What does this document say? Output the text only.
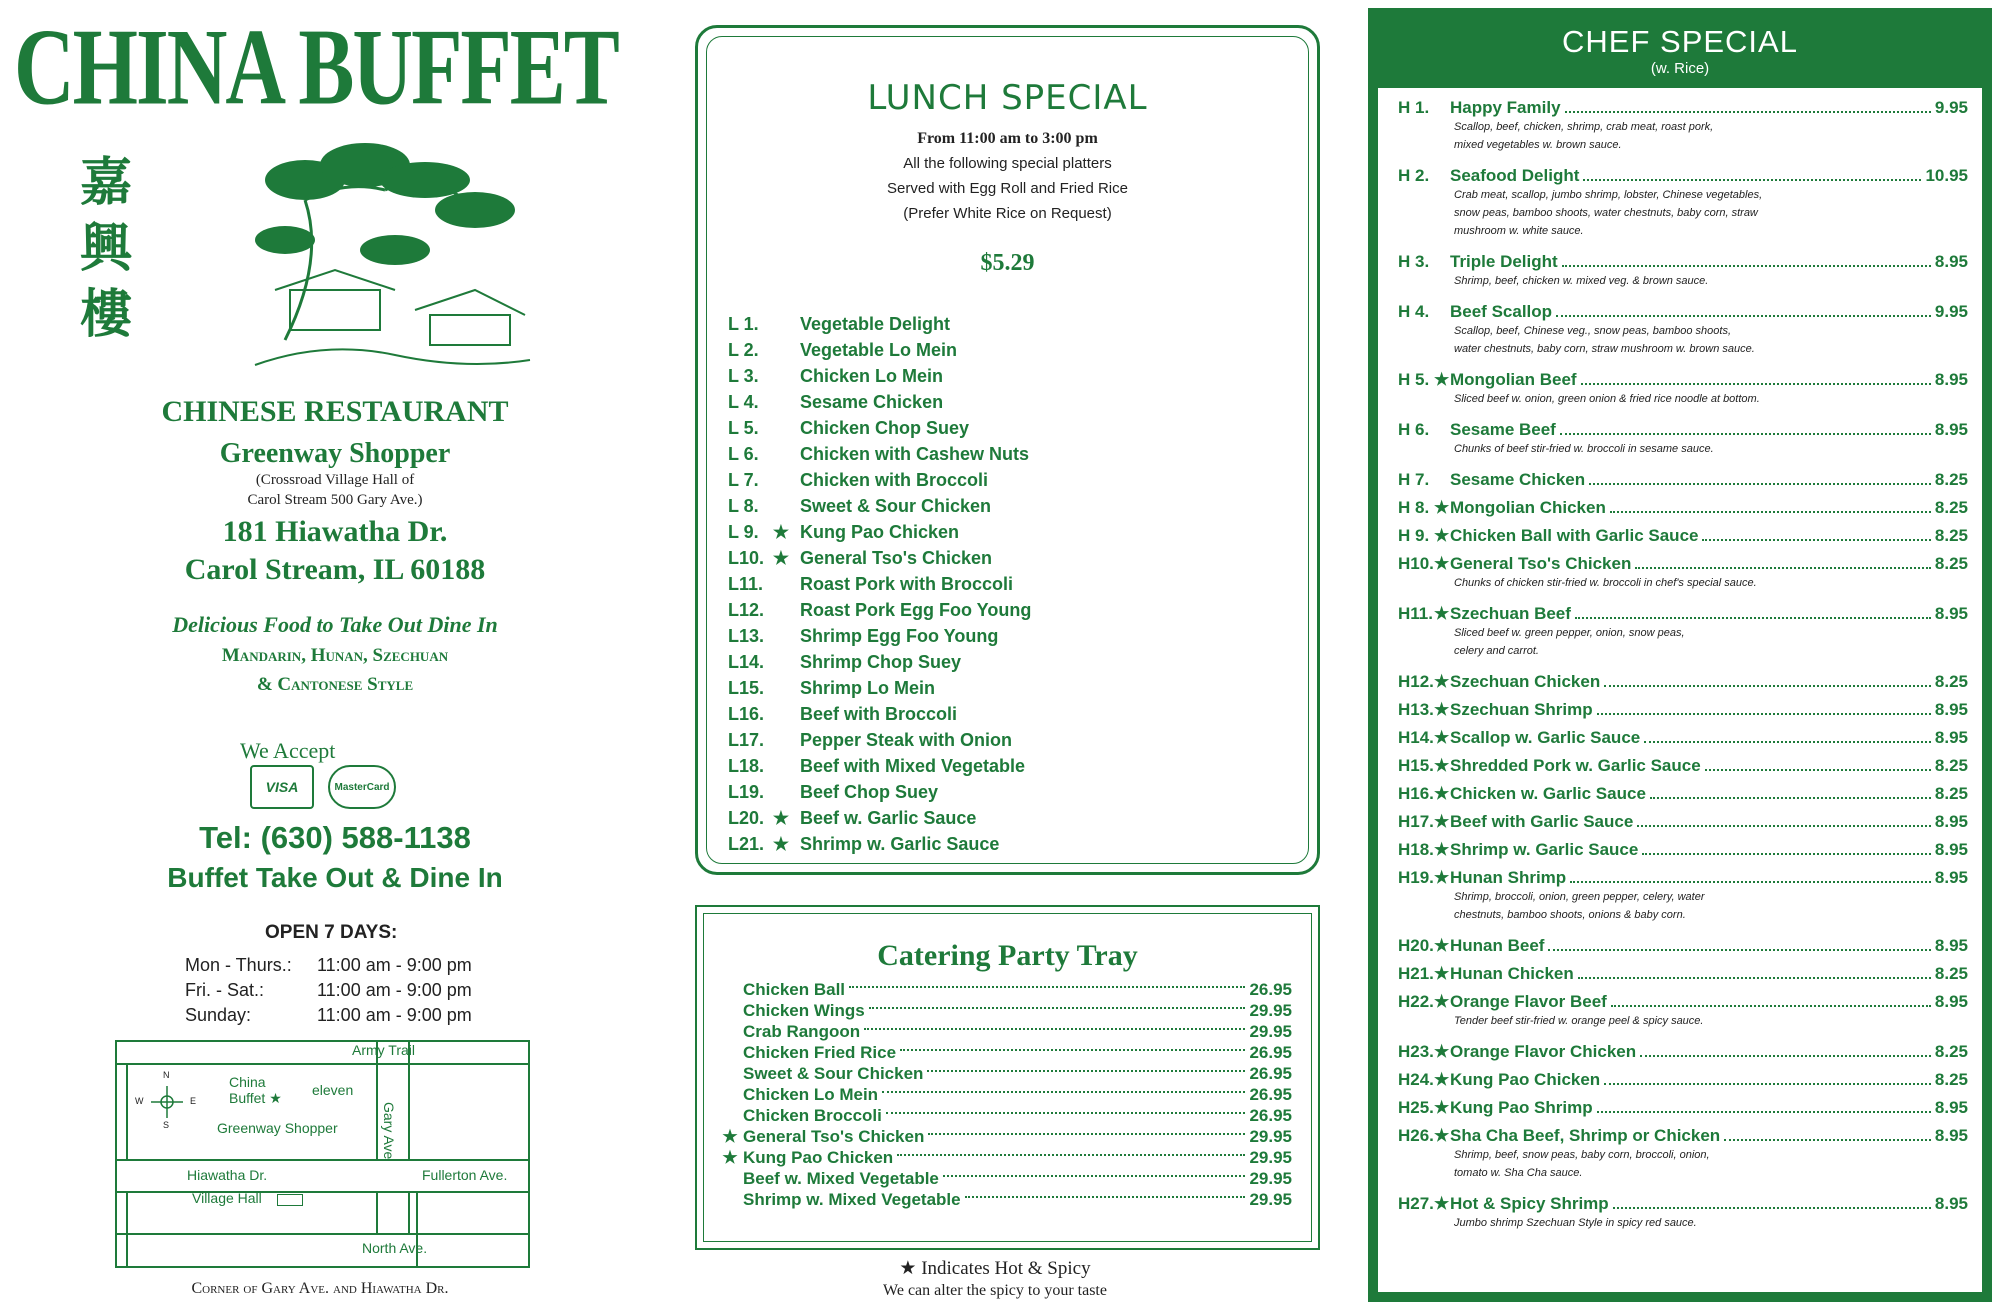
CHINA BUFFET
嘉
興
樓
CHINESE RESTAURANT
Greenway Shopper
(Crossroad Village Hall of
Carol Stream 500 Gary Ave.)
181 Hiawatha Dr.
Carol Stream, IL 60188
Delicious Food to Take Out Dine In
Mandarin, Hunan, Szechuan
& Cantonese Style
We Accept
VISA	MasterCard
Tel: (630) 588-1138
Buffet Take Out & Dine In
OPEN 7 DAYS:
Mon - Thurs.:	11:00 am - 9:00 pm
Fri. - Sat.:	11:00 am - 9:00 pm
Sunday:	11:00 am - 9:00 pm
N
S
W	E
Army Trail
Gary Ave
China
Buffet ★ eleven
Greenway Shopper
Hiawatha Dr.	Fullerton Ave.
Village Hall
North Ave.
Corner of Gary Ave. and Hiawatha Dr.
LUNCH SPECIAL
From 11:00 am to 3:00 pm
All the following special platters
Served with Egg Roll and Fried Rice
(Prefer White Rice on Request)
$5.29
L 1.	Vegetable Delight
L 2.	Vegetable Lo Mein
L 3.	Chicken Lo Mein
L 4.	Sesame Chicken
L 5.	Chicken Chop Suey
L 6.	Chicken with Cashew Nuts
L 7.	Chicken with Broccoli
L 8.	Sweet & Sour Chicken
L 9. ★ Kung Pao Chicken
L10. ★ General Tso's Chicken
L11. Roast Pork with Broccoli
L12. Roast Pork Egg Foo Young
L13. Shrimp Egg Foo Young
L14. Shrimp Chop Suey
L15. Shrimp Lo Mein
L16. Beef with Broccoli
L17. Pepper Steak with Onion
L18. Beef with Mixed Vegetable
L19. Beef Chop Suey
L20. ★ Beef w. Garlic Sauce
L21. ★ Shrimp w. Garlic Sauce
Catering Party Tray
Chicken Ball	26.95
Chicken Wings	29.95
Crab Rangoon	29.95
Chicken Fried Rice	26.95
Sweet & Sour Chicken	26.95
Chicken Lo Mein	26.95
Chicken Broccoli	26.95
★ General Tso's Chicken	29.95
★ Kung Pao Chicken	29.95
Beef w. Mixed Vegetable	29.95
Shrimp w. Mixed Vegetable	29.95
★ Indicates Hot & Spicy
We can alter the spicy to your taste
CHEF SPECIAL
(w. Rice)
H 1. Happy Family	9.95
Scallop, beef, chicken, shrimp, crab meat, roast pork,
mixed vegetables w. brown sauce.
H 2. Seafood Delight	10.95
Crab meat, scallop, jumbo shrimp, lobster, Chinese vegetables,
snow peas, bamboo shoots, water chestnuts, baby corn, straw
mushroom w. white sauce.
H 3. Triple Delight	8.95
Shrimp, beef, chicken w. mixed veg. & brown sauce.
H 4. Beef Scallop	9.95
Scallop, beef, Chinese veg., snow peas, bamboo shoots,
water chestnuts, baby corn, straw mushroom w. brown sauce.
H 5. ★ Mongolian Beef	8.95
Sliced beef w. onion, green onion & fried rice noodle at bottom.
H 6. Sesame Beef	8.95
Chunks of beef stir-fried w. broccoli in sesame sauce.
H 7. Sesame Chicken	8.25
H 8. ★ Mongolian Chicken	8.25
H 9. ★ Chicken Ball with Garlic Sauce	8.25
H10. ★ General Tso's Chicken	8.25
Chunks of chicken stir-fried w. broccoli in chef's special sauce.
H11. ★ Szechuan Beef	8.95
Sliced beef w. green pepper, onion, snow peas,
celery and carrot.
H12. ★ Szechuan Chicken	8.25
H13. ★ Szechuan Shrimp	8.95
H14. ★ Scallop w. Garlic Sauce	8.95
H15. ★ Shredded Pork w. Garlic Sauce	8.25
H16. ★ Chicken w. Garlic Sauce	8.25
H17. ★ Beef with Garlic Sauce	8.95
H18. ★ Shrimp w. Garlic Sauce	8.95
H19. ★ Hunan Shrimp	8.95
Shrimp, broccoli, onion, green pepper, celery, water
chestnuts, bamboo shoots, onions & baby corn.
H20. ★ Hunan Beef	8.95
H21. ★ Hunan Chicken	8.25
H22. ★ Orange Flavor Beef	8.95
Tender beef stir-fried w. orange peel & spicy sauce.
H23. ★ Orange Flavor Chicken	8.25
H24. ★ Kung Pao Chicken	8.25
H25. ★ Kung Pao Shrimp	8.95
H26. ★ Sha Cha Beef, Shrimp or Chicken	8.95
Shrimp, beef, snow peas, baby corn, broccoli, onion,
tomato w. Sha Cha sauce.
H27. ★ Hot & Spicy Shrimp	8.95
Jumbo shrimp Szechuan Style in spicy red sauce.
